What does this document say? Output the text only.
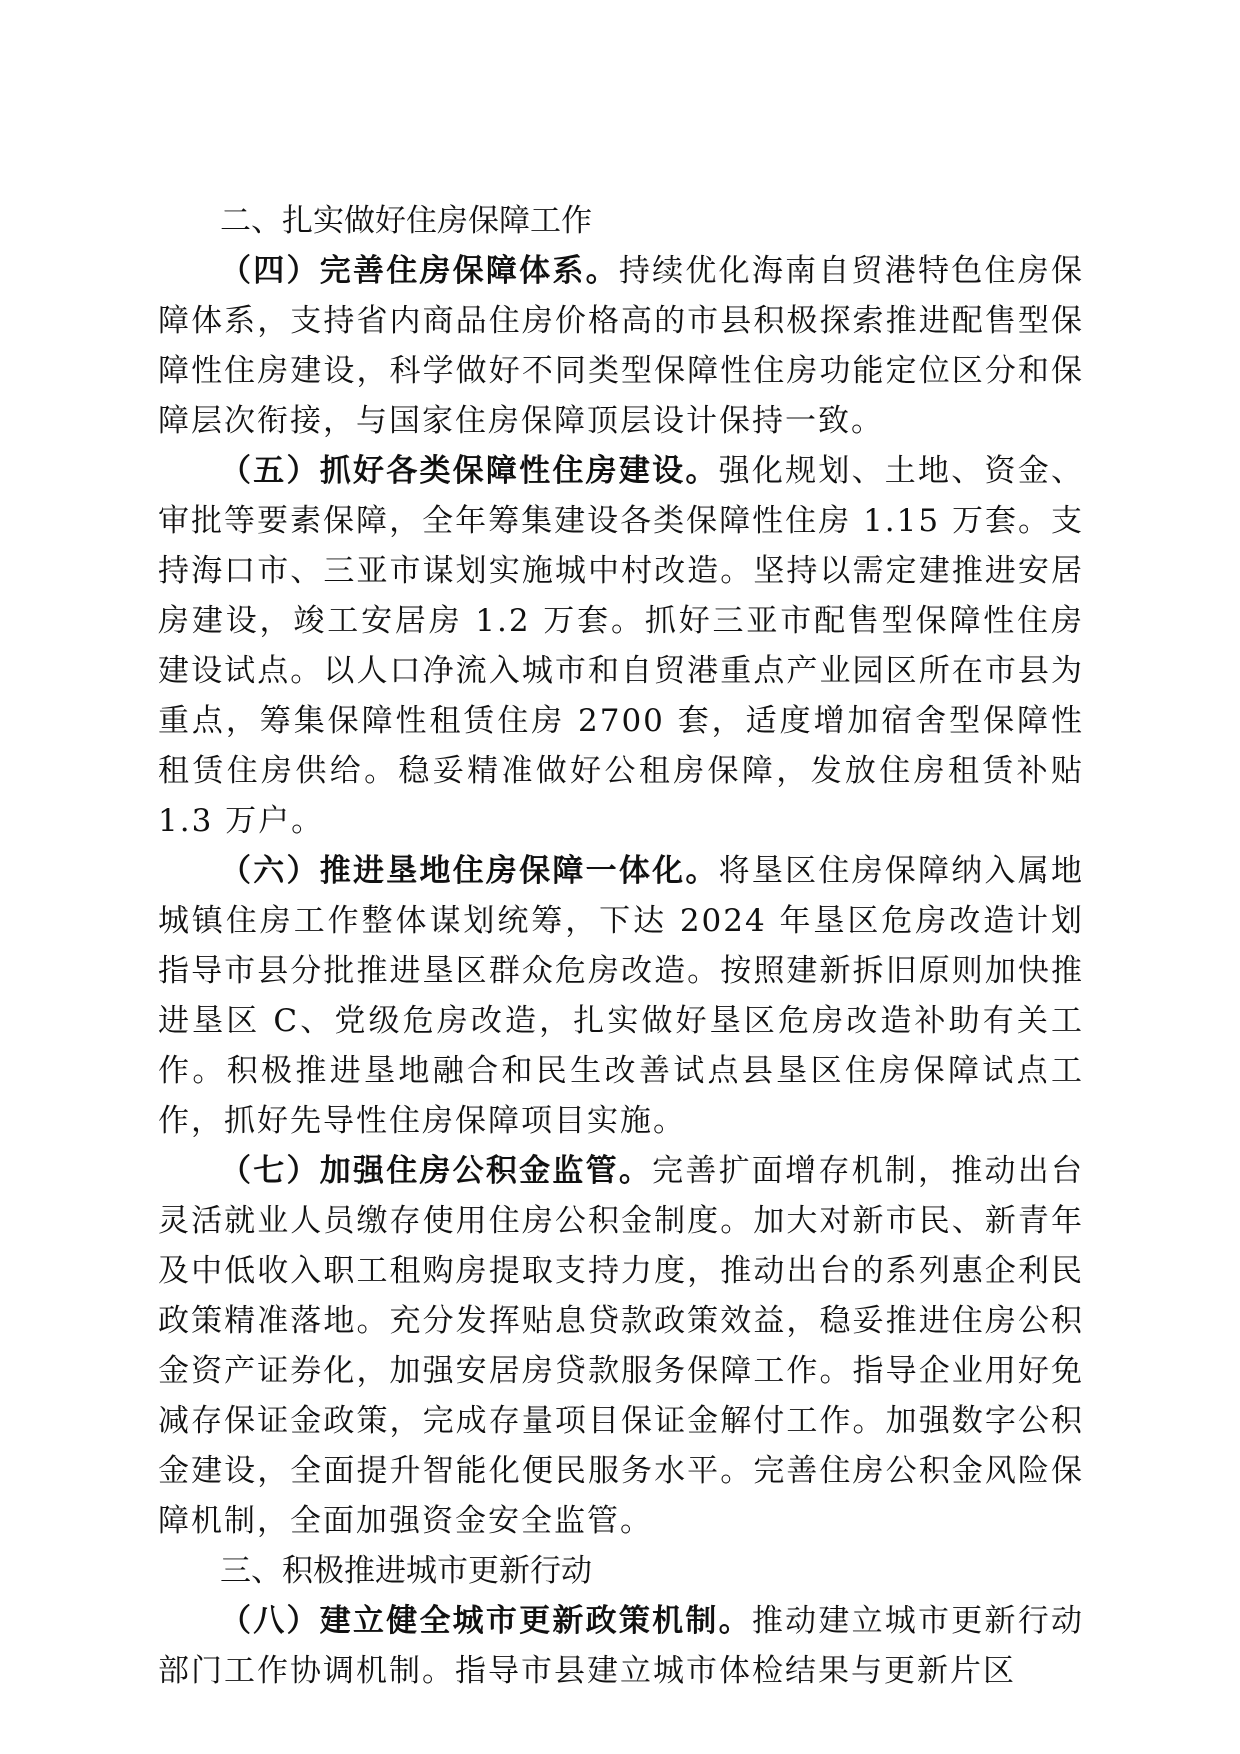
二、扎实做好住房保障工作

（四）完善住房保障体系。持续优化海南自贸港特色住房保障体系，支持省内商品住房价格高的市县积极探索推进配售型保障性住房建设，科学做好不同类型保障性住房功能定位区分和保障层次衔接，与国家住房保障顶层设计保持一致。

（五）抓好各类保障性住房建设。强化规划、土地、资金、审批等要素保障，全年筹集建设各类保障性住房 1.15 万套。支持海口市、三亚市谋划实施城中村改造。坚持以需定建推进安居房建设，竣工安居房 1.2 万套。抓好三亚市配售型保障性住房建设试点。以人口净流入城市和自贸港重点产业园区所在市县为重点，筹集保障性租赁住房 2700 套，适度增加宿舍型保障性租赁住房供给。稳妥精准做好公租房保障，发放住房租赁补贴 1.3 万户。

（六）推进垦地住房保障一体化。将垦区住房保障纳入属地城镇住房工作整体谋划统筹，下达 2024 年垦区危房改造计划指导市县分批推进垦区群众危房改造。按照建新拆旧原则加快推进垦区 C、党级危房改造，扎实做好垦区危房改造补助有关工作。积极推进垦地融合和民生改善试点县垦区住房保障试点工作，抓好先导性住房保障项目实施。

（七）加强住房公积金监管。完善扩面增存机制，推动出台灵活就业人员缴存使用住房公积金制度。加大对新市民、新青年及中低收入职工租购房提取支持力度，推动出台的系列惠企利民政策精准落地。充分发挥贴息贷款政策效益，稳妥推进住房公积金资产证券化，加强安居房贷款服务保障工作。指导企业用好免减存保证金政策，完成存量项目保证金解付工作。加强数字公积金建设，全面提升智能化便民服务水平。完善住房公积金风险保障机制，全面加强资金安全监管。

三、积极推进城市更新行动

（八）建立健全城市更新政策机制。推动建立城市更新行动部门工作协调机制。指导市县建立城市体检结果与更新片区
